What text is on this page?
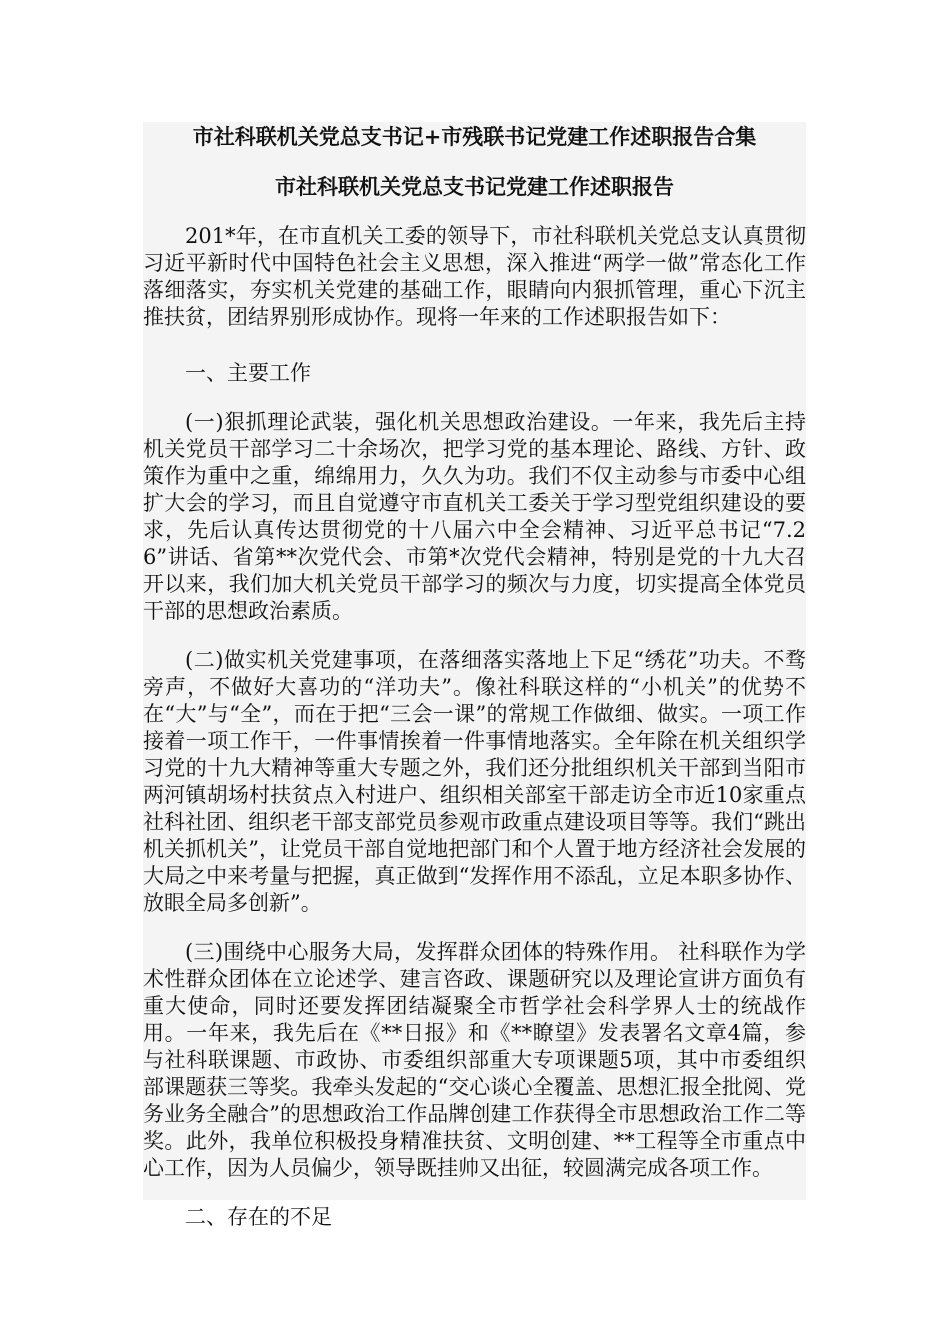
市社科联机关党总支书记+市残联书记党建工作述职报告合集
市社科联机关党总支书记党建工作述职报告

201*年，在市直机关工委的领导下，市社科联机关党总支认真贯彻习近平新时代中国特色社会主义思想，深入推进“两学一做”常态化工作落细落实，夯实机关党建的基础工作，眼睛向内狠抓管理，重心下沉主推扶贫，团结界别形成协作。现将一年来的工作述职报告如下：

一、主要工作

(一)狠抓理论武装，强化机关思想政治建设。一年来，我先后主持机关党员干部学习二十余场次，把学习党的基本理论、路线、方针、政策作为重中之重，绵绵用力，久久为功。我们不仅主动参与市委中心组扩大会的学习，而且自觉遵守市直机关工委关于学习型党组织建设的要求，先后认真传达贯彻党的十八届六中全会精神、习近平总书记“7.26”讲话、省第**次党代会、市第*次党代会精神，特别是党的十九大召开以来，我们加大机关党员干部学习的频次与力度，切实提高全体党员干部的思想政治素质。

(二)做实机关党建事项，在落细落实落地上下足“绣花”功夫。不骛旁声，不做好大喜功的“洋功夫”。像社科联这样的“小机关”的优势不在“大”与“全”，而在于把“三会一课”的常规工作做细、做实。一项工作接着一项工作干，一件事情挨着一件事情地落实。全年除在机关组织学习党的十九大精神等重大专题之外，我们还分批组织机关干部到当阳市两河镇胡场村扶贫点入村进户、组织相关部室干部走访全市近10家重点社科社团、组织老干部支部党员参观市政重点建设项目等等。我们“跳出机关抓机关”，让党员干部自觉地把部门和个人置于地方经济社会发展的大局之中来考量与把握，真正做到“发挥作用不添乱，立足本职多协作、放眼全局多创新”。

(三)围绕中心服务大局，发挥群众团体的特殊作用。 社科联作为学术性群众团体在立论述学、建言咨政、课题研究以及理论宣讲方面负有重大使命，同时还要发挥团结凝聚全市哲学社会科学界人士的统战作用。一年来，我先后在《**日报》和《**瞭望》发表署名文章4篇，参与社科联课题、市政协、市委组织部重大专项课题5项，其中市委组织部课题获三等奖。我牵头发起的“交心谈心全覆盖、思想汇报全批阅、党务业务全融合”的思想政治工作品牌创建工作获得全市思想政治工作二等奖。此外，我单位积极投身精准扶贫、文明创建、**工程等全市重点中心工作，因为人员偏少，领导既挂帅又出征，较圆满完成各项工作。

二、存在的不足
